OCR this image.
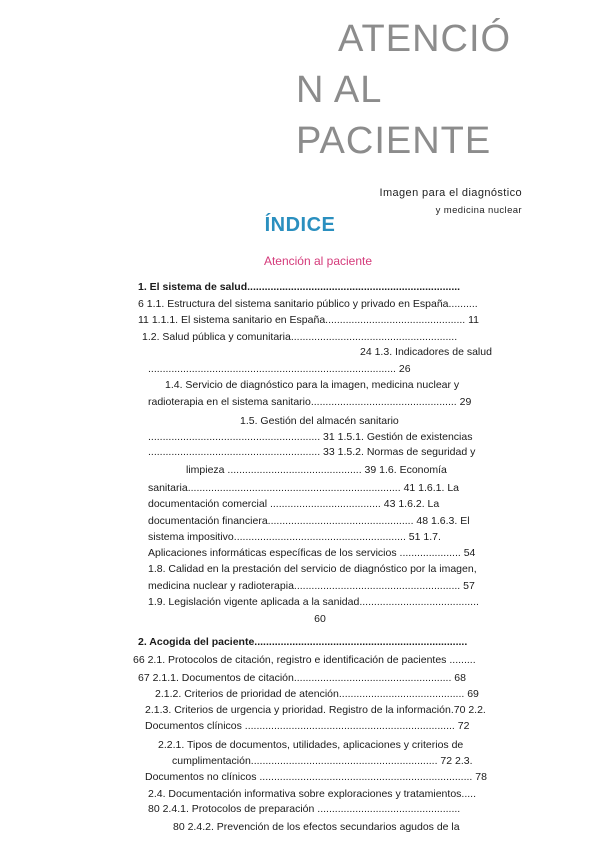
ATENCIÓ
N AL
PACIENTE
Imagen para el diagnóstico
y medicina nuclear
ÍNDICE
Atención al paciente
1. El sistema de salud.........................................................................
6 1.1. Estructura del sistema sanitario público y privado en España..........
11 1.1.1. El sistema sanitario en España................................................ 11
1.2. Salud pública y comunitaria.........................................................
24 1.3. Indicadores de salud
..................................................................................... 26
1.4. Servicio de diagnóstico para la imagen, medicina nuclear y
radioterapia en el sistema sanitario.................................................. 29
1.5. Gestión del almacén sanitario
........................................................... 31 1.5.1. Gestión de existencias
........................................................... 33 1.5.2. Normas de seguridad y
limpieza .............................................. 39 1.6. Economía
sanitaria......................................................................... 41 1.6.1. La
documentación comercial ...................................... 43 1.6.2. La
documentación financiera.................................................. 48 1.6.3. El
sistema impositivo........................................................... 51 1.7.
Aplicaciones informáticas específicas de los servicios ..................... 54
1.8. Calidad en la prestación del servicio de diagnóstico por la imagen,
medicina nuclear y radioterapia......................................................... 57
1.9. Legislación vigente aplicada a la sanidad.........................................
60
2. Acogida del paciente.........................................................................
66 2.1. Protocolos de citación, registro e identificación de pacientes .........
67 2.1.1. Documentos de citación...................................................... 68
2.1.2. Criterios de prioridad de atención........................................... 69
2.1.3. Criterios de urgencia y prioridad. Registro de la información.70 2.2.
Documentos clínicos ........................................................................ 72
2.2.1. Tipos de documentos, utilidades, aplicaciones y criterios de
cumplimentación................................................................ 72 2.3.
Documentos no clínicos ......................................................................... 78
2.4. Documentación informativa sobre exploraciones y tratamientos.....
80 2.4.1. Protocolos de preparación .................................................
80 2.4.2. Prevención de los efectos secundarios agudos de la
